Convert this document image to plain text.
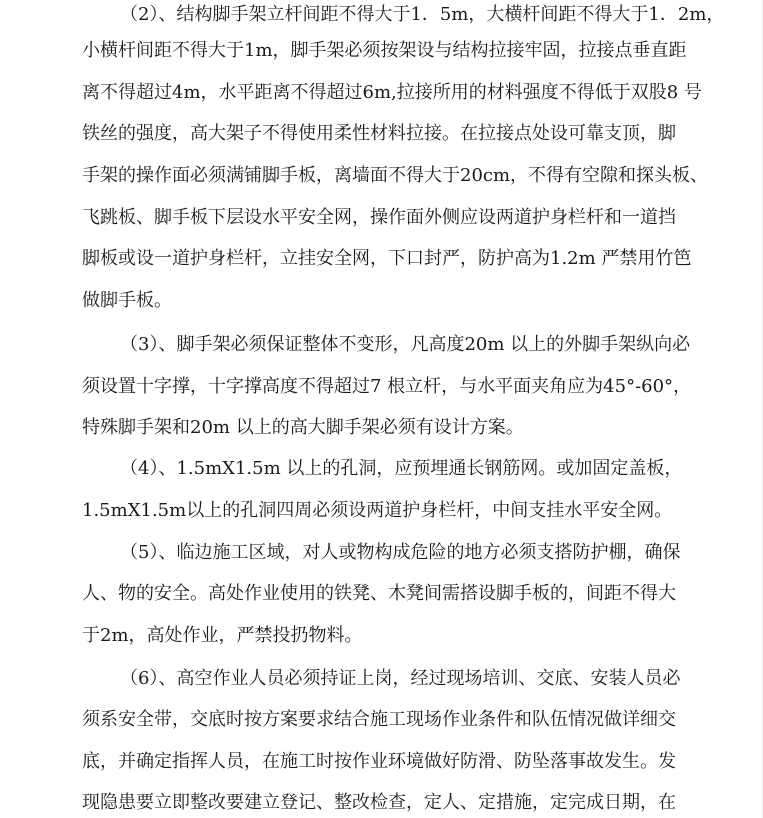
（2）、结构脚手架立杆间距不得大于1．5m，大横杆间距不得大于1．2m，
小横杆间距不得大于1m，脚手架必须按架设与结构拉接牢固，拉接点垂直距
离不得超过4m，水平距离不得超过6m,拉接所用的材料强度不得低于双股8 号
铁丝的强度，高大架子不得使用柔性材料拉接。在拉接点处设可靠支顶，脚
手架的操作面必须满铺脚手板，离墙面不得大于20cm，不得有空隙和探头板、
飞跳板、脚手板下层设水平安全网，操作面外侧应设两道护身栏杆和一道挡
脚板或设一道护身栏杆，立挂安全网，下口封严，防护高为1.2m 严禁用竹笆
做脚手板。
（3）、脚手架必须保证整体不变形，凡高度20m 以上的外脚手架纵向必
须设置十字撑，十字撑高度不得超过7 根立杆，与水平面夹角应为45°-60°，
特殊脚手架和20m 以上的高大脚手架必须有设计方案。
（4）、1.5mX1.5m 以上的孔洞，应预埋通长钢筋网。或加固定盖板，
1.5mX1.5m以上的孔洞四周必须设两道护身栏杆，中间支挂水平安全网。
（5）、临边施工区域，对人或物构成危险的地方必须支搭防护棚，确保
人、物的安全。高处作业使用的铁凳、木凳间需搭设脚手板的，间距不得大
于2m，高处作业，严禁投扔物料。
（6）、高空作业人员必须持证上岗，经过现场培训、交底、安装人员必
须系安全带，交底时按方案要求结合施工现场作业条件和队伍情况做详细交
底，并确定指挥人员，在施工时按作业环境做好防滑、防坠落事故发生。发
现隐患要立即整改要建立登记、整改检查，定人、定措施，定完成日期，在
